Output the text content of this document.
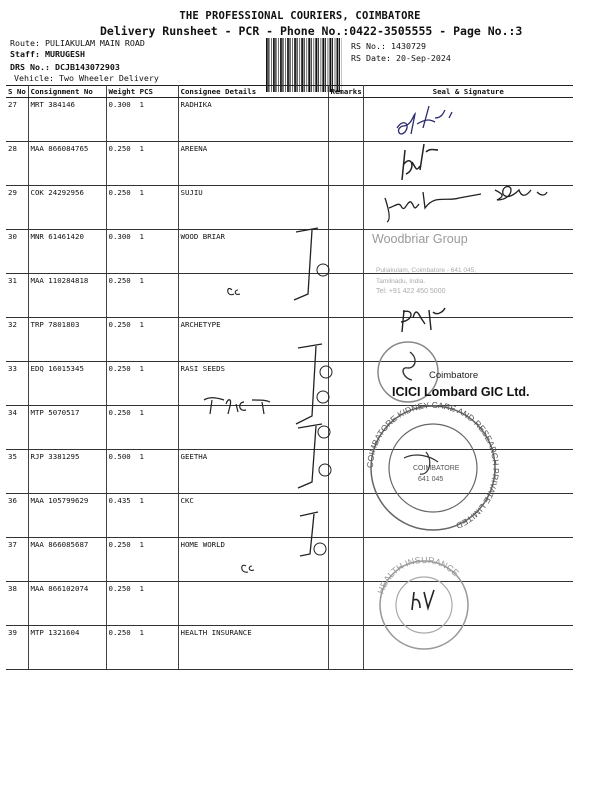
THE PROFESSIONAL COURIERS, COIMBATORE
Delivery Runsheet - PCR - Phone No.:0422-3505555 - Page No.:3
Route: PULIAKULAM MAIN ROAD
Staff: MURUGESH
DRS No.: DCJB143072903
Vehicle: Two Wheeler Delivery
RS No.: 1430729
RS Date: 20-Sep-2024
S No	Consignment No	Weight PCS	Consignee Details	Remarks	Seal & Signature
27	MRT 384146	0.300 1	RADHIKA		
28	MAA 866084765	0.250 1	AREENA		
29	COK 24292956	0.250 1	SUJIU		
30	MNR 61461420	0.300 1	WOOD BRIAR		
31	MAA 110284818	0.250 1			
32	TRP 7801803	0.250 1	ARCHETYPE		
33	EDQ 16015345	0.250 1	RASI SEEDS		
34	MTP 5070517	0.250 1			
35	RJP 3381295	0.500 1	GEETHA		
36	MAA 105799629	0.435 1	CKC		
37	MAA 866085687	0.250 1	HOME WORLD		
38	MAA 866102074	0.250 1			
39	MTP 1321604	0.250 1	HEALTH INSURANCE		
Woodbriar Group
Puliakulam, Coimbatore - 641 045,
Tamilnadu, India.
Tel: +91 422 450 5000
Coimbatore
ICICI Lombard GIC Ltd.
COIMBATORE KIDNEY CARE AND RESEARCH PRIVATE LIMITED
COIMBATORE
641 045
HEALTH INSURANCE
